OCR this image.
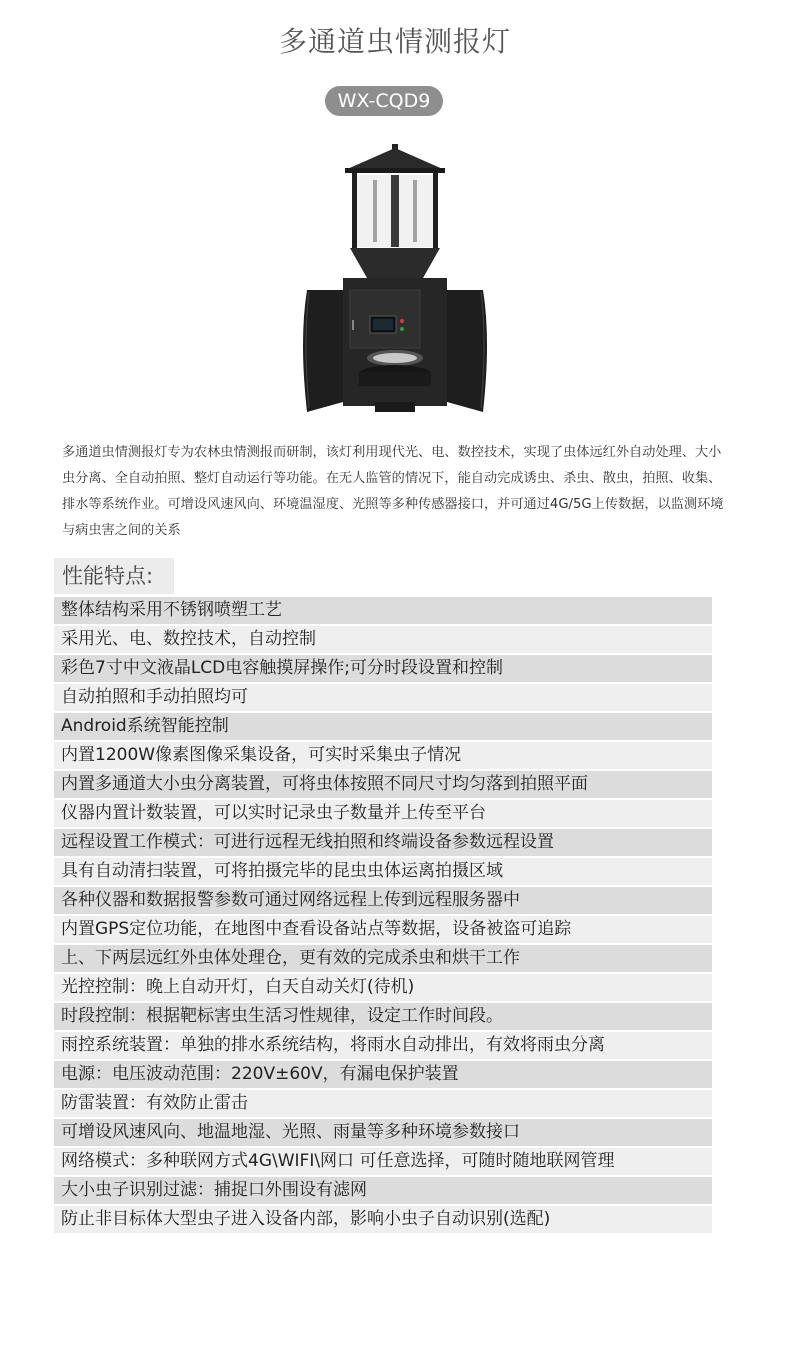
多通道虫情测报灯
WX-CQD9
多通道虫情测报灯专为农林虫情测报而研制，该灯利用现代光、电、数控技术，实现了虫体远红外自动处理、大小虫分离、全自动拍照、整灯自动运行等功能。在无人监管的情况下，能自动完成诱虫、杀虫、散虫，拍照、收集、排水等系统作业。可增设风速风向、环境温湿度、光照等多种传感器接口，并可通过4G/5G上传数据，以监测环境与病虫害之间的关系
性能特点:
整体结构采用不锈钢喷塑工艺
采用光、电、数控技术，自动控制
彩色7寸中文液晶LCD电容触摸屏操作;可分时段设置和控制
自动拍照和手动拍照均可
Android系统智能控制
内置1200W像素图像采集设备，可实时采集虫子情况
内置多通道大小虫分离装置，可将虫体按照不同尺寸均匀落到拍照平面
仪器内置计数装置，可以实时记录虫子数量并上传至平台
远程设置工作模式：可进行远程无线拍照和终端设备参数远程设置
具有自动清扫装置，可将拍摄完毕的昆虫虫体运离拍摄区域
各种仪器和数据报警参数可通过网络远程上传到远程服务器中
内置GPS定位功能，在地图中查看设备站点等数据，设备被盗可追踪
上、下两层远红外虫体处理仓，更有效的完成杀虫和烘干工作
光控控制：晚上自动开灯，白天自动关灯(待机)
时段控制：根据靶标害虫生活习性规律，设定工作时间段。
雨控系统装置：单独的排水系统结构，将雨水自动排出，有效将雨虫分离
电源：电压波动范围：220V±60V，有漏电保护装置
防雷装置：有效防止雷击
可增设风速风向、地温地湿、光照、雨量等多种环境参数接口
网络模式：多种联网方式4G\WIFI\网口 可任意选择，可随时随地联网管理
大小虫子识别过滤：捕捉口外围设有滤网
防止非目标体大型虫子进入设备内部，影响小虫子自动识别(选配)
